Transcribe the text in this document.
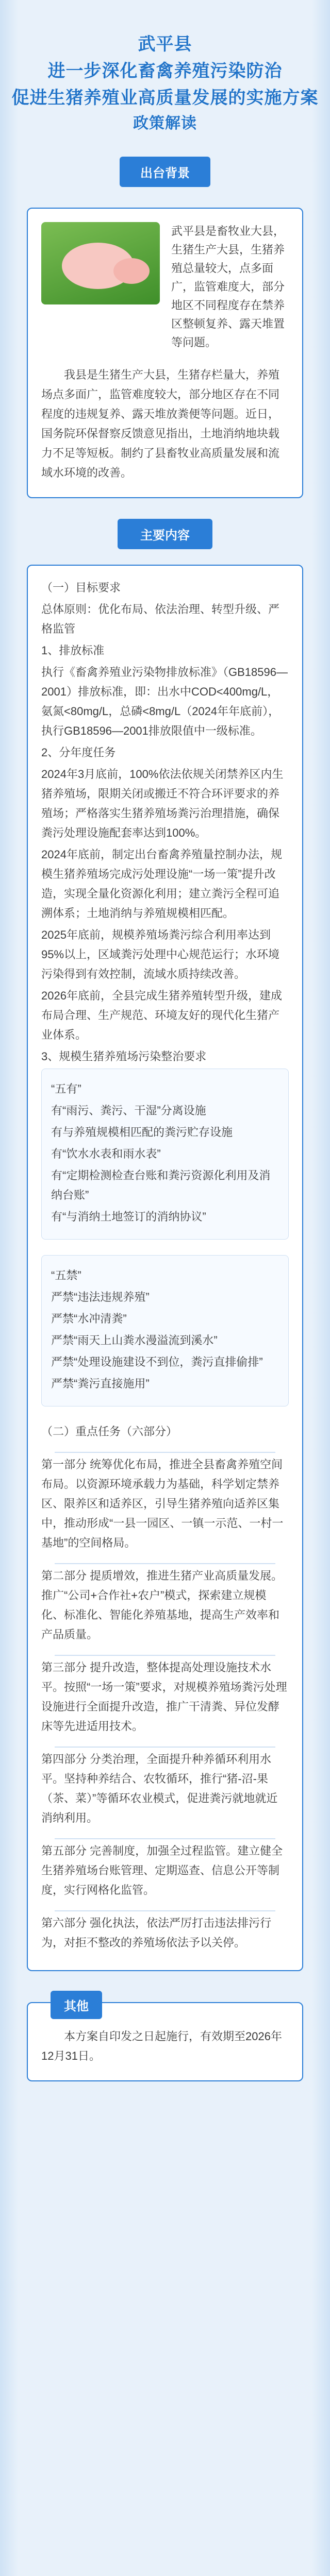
武平县
进一步深化畜禽养殖污染防治
促进生猪养殖业高质量发展的实施方案
政策解读
出台背景
武平县是畜牧业大县，生猪生产大县，生猪养殖总量较大，点多面广，监管难度大，部分地区不同程度存在禁养区整顿复养、露天堆置等问题。

我县是生猪生产大县，生猪存栏量大，养殖场点多面广，监管难度较大，部分地区存在不同程度的违规复养、露天堆放粪便等问题。近日，国务院环保督察反馈意见指出，土地消纳地块载力不足等短板。制约了县畜牧业高质量发展和流域水环境的改善。

主要内容
（一）目标要求
总体原则：优化布局、依法治理、转型升级、严格监管
1、排放标准
执行《畜禽养殖业污染物排放标准》（GB18596—2001）排放标准，即：出水中COD<400mg/L，氨氮<80mg/L，总磷<8mg/L（2024年年底前），执行GB18596—2001排放限值中一级标准。
2、分年度任务
2024年3月底前，100%依法依规关闭禁养区内生猪养殖场，限期关闭或搬迁不符合环评要求的养殖场；严格落实生猪养殖场粪污治理措施，确保粪污处理设施配套率达到100%。
2024年底前，制定出台畜禽养殖量控制办法，规模生猪养殖场完成污处理设施“一场一策”提升改造，实现全量化资源化利用；建立粪污全程可追溯体系；土地消纳与养殖规模相匹配。
2025年底前，规模养殖场粪污综合利用率达到95%以上，区域粪污处理中心规范运行；水环境污染得到有效控制，流域水质持续改善。
2026年底前，全县完成生猪养殖转型升级，建成布局合理、生产规范、环境友好的现代化生猪产业体系。
3、规模生猪养殖场污染整治要求
“五有”
有“雨污、粪污、干湿”分离设施
有与养殖规模相匹配的粪污贮存设施
有“饮水水表和雨水表”
有“定期检测检查台账和粪污资源化利用及消纳台账”
有“与消纳土地签订的消纳协议”
“五禁”
严禁“违法违规养殖”
严禁“水冲清粪”
严禁“雨天上山粪水漫溢流到溪水”
严禁“处理设施建设不到位，粪污直排偷排”
严禁“粪污直接施用”
（二）重点任务（六部分）
第一部分 统筹优化布局，推进全县畜禽养殖空间布局。以资源环境承载力为基础，科学划定禁养区、限养区和适养区，引导生猪养殖向适养区集中，推动形成“一县一园区、一镇一示范、一村一基地”的空间格局。
第二部分 提质增效，推进生猪产业高质量发展。推广“公司+合作社+农户”模式，探索建立规模化、标准化、智能化养殖基地，提高生产效率和产品质量。
第三部分 提升改造，整体提高处理设施技术水平。按照“一场一策”要求，对规模养殖场粪污处理设施进行全面提升改造，推广干清粪、异位发酵床等先进适用技术。
第四部分 分类治理，全面提升种养循环利用水平。坚持种养结合、农牧循环，推行“猪-沼-果（茶、菜）”等循环农业模式，促进粪污就地就近消纳利用。
第五部分 完善制度，加强全过程监管。建立健全生猪养殖场台账管理、定期巡查、信息公开等制度，实行网格化监管。
第六部分 强化执法，依法严厉打击违法排污行为，对拒不整改的养殖场依法予以关停。
其他

本方案自印发之日起施行，有效期至2026年12月31日。
